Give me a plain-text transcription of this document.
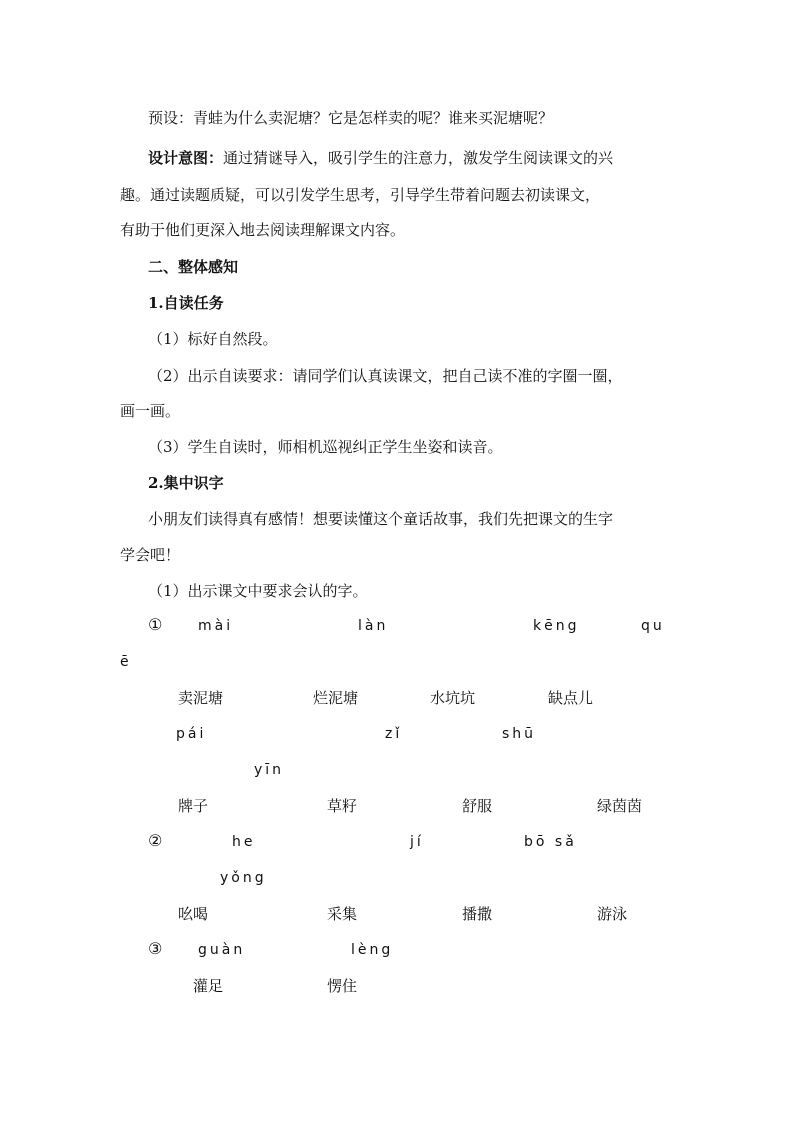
预设：青蛙为什么卖泥塘？它是怎样卖的呢？谁来买泥塘呢？
设计意图：通过猜谜导入，吸引学生的注意力，激发学生阅读课文的兴
趣。通过读题质疑，可以引发学生思考，引导学生带着问题去初读课文，
有助于他们更深入地去阅读理解课文内容。
二、整体感知
1.自读任务
（1）标好自然段。
（2）出示自读要求：请同学们认真读课文，把自己读不准的字圈一圈，
画一画。
（3）学生自读时，师相机巡视纠正学生坐姿和读音。
2.集中识字
小朋友们读得真有感情！想要读懂这个童话故事，我们先把课文的生字
学会吧！
（1）出示课文中要求会认的字。
①	mài	làn	kēng	qu
ē
卖泥塘	烂泥塘	水坑坑	缺点儿
pái	zǐ	shū
yīn
牌子	草籽	舒服	绿茵茵
②	he	jí	bō sǎ
yǒng
吆喝	采集	播撒	游泳
③	guàn	lèng
灌足	愣住
